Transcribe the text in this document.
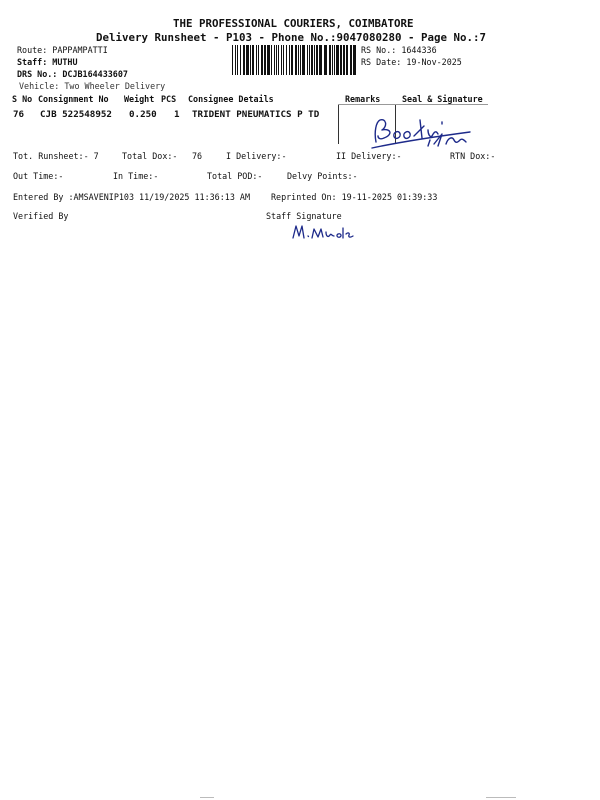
THE PROFESSIONAL COURIERS, COIMBATORE
Delivery Runsheet - P103 - Phone No.:9047080280 - Page No.:7
Route: PAPPAMPATTI
Staff: MUTHU
DRS No.: DCJB164433607
Vehicle: Two Wheeler Delivery
RS No.: 1644336
RS Date: 19-Nov-2025
S No Consignment No Weight PCS Consignee Details	Remarks	Seal & Signature
76 CJB 522548952 0.250 1 TRIDENT PNEUMATICS P TD
Tot. Runsheet:- 7	Total Dox:- 76	I Delivery:-	II Delivery:-	RTN Dox:-
Out Time:-	In Time:-	Total POD:-	Delvy Points:-
Entered By :AMSAVENIP103 11/19/2025 11:36:13 AM	Reprinted On: 19-11-2025 01:39:33
Verified By	Staff Signature
